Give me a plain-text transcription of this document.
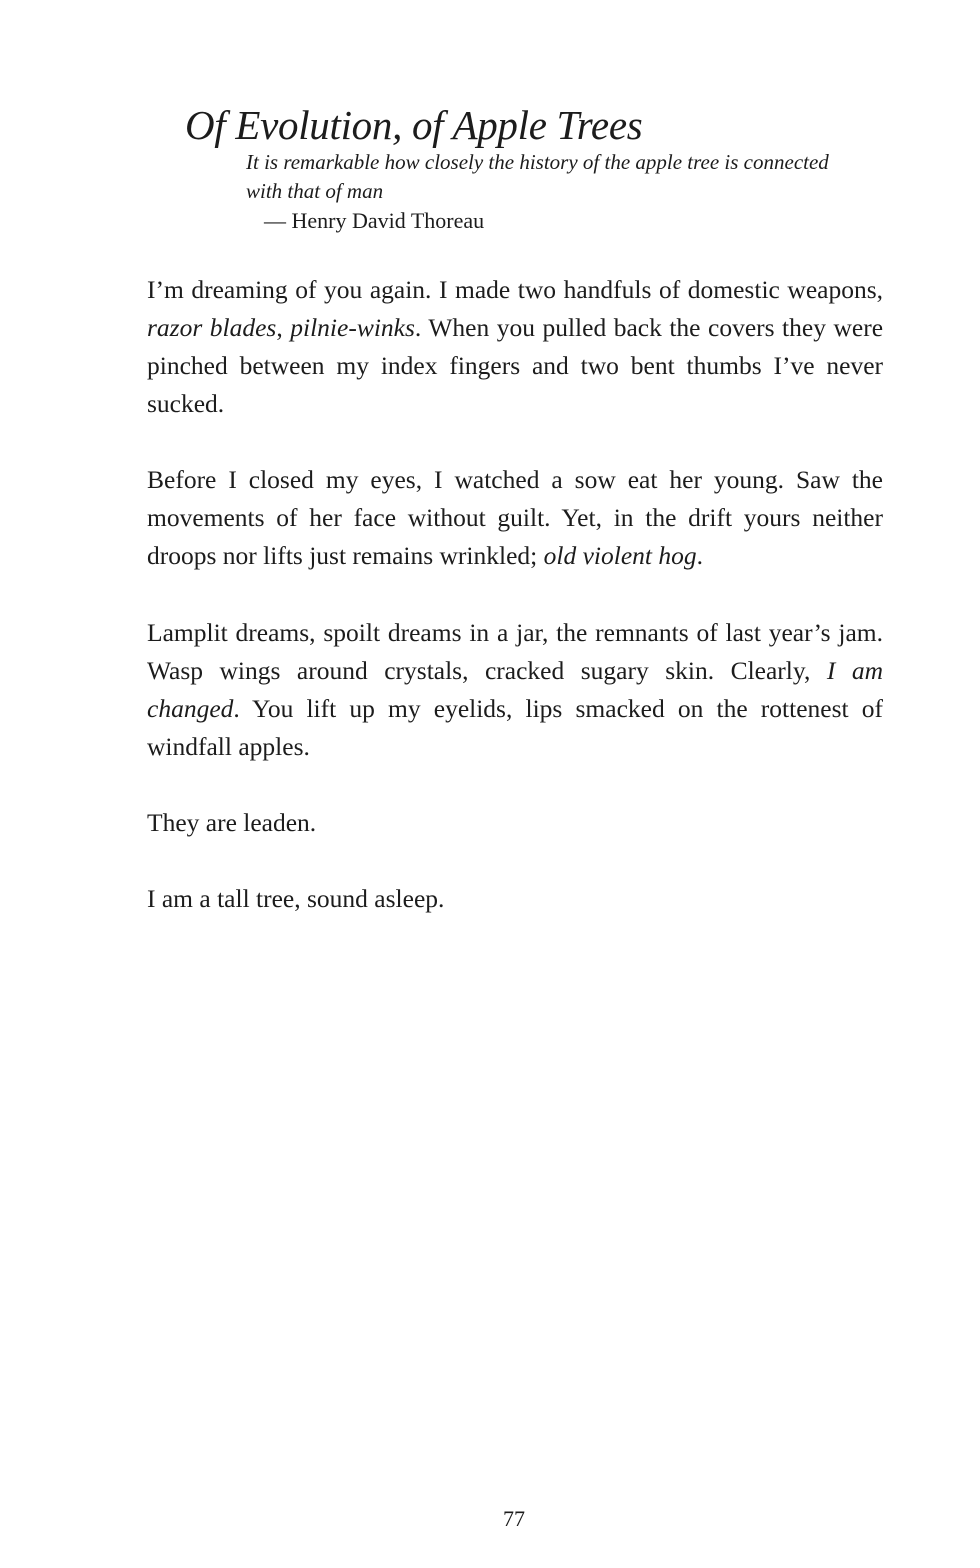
Of Evolution, of Apple Trees

It is remarkable how closely the history of the apple tree is connected
with that of man

— Henry David Thoreau

I’m dreaming of you again. I made two handfuls of domestic weapons, razor blades, pilnie-winks. When you pulled back the covers they were pinched between my index fingers and two bent thumbs I’ve never sucked.

Before I closed my eyes, I watched a sow eat her young. Saw the movements of her face without guilt. Yet, in the drift yours neither droops nor lifts just remains wrinkled; old violent hog.

Lamplit dreams, spoilt dreams in a jar, the remnants of last year’s jam. Wasp wings around crystals, cracked sugary skin. Clearly, I am changed. You lift up my eyelids, lips smacked on the rottenest of windfall apples.

They are leaden.

I am a tall tree, sound asleep.

77
